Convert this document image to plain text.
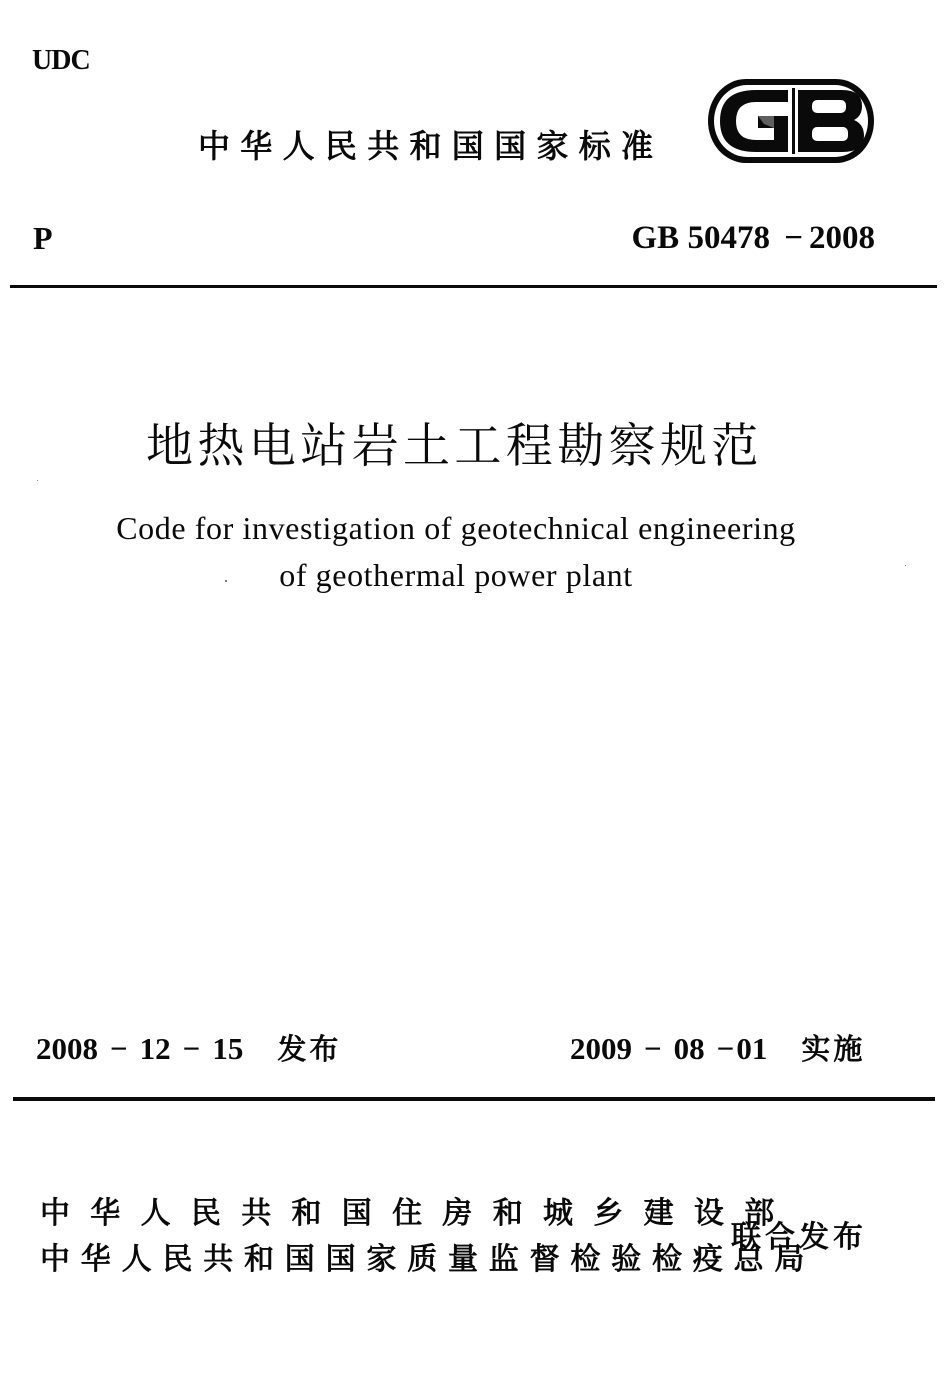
UDC
中华人民共和国国家标准
P	GB 50478 − 2008
地热电站岩土工程勘察规范
Code for investigation of geotechnical engineering
of geothermal power plant
2008 − 12 − 15 发布	2009 − 08 − 01 实施
中华人民共和国住房和城乡建设部
中华人民共和国国家质量监督检验检疫总局
联合发布
